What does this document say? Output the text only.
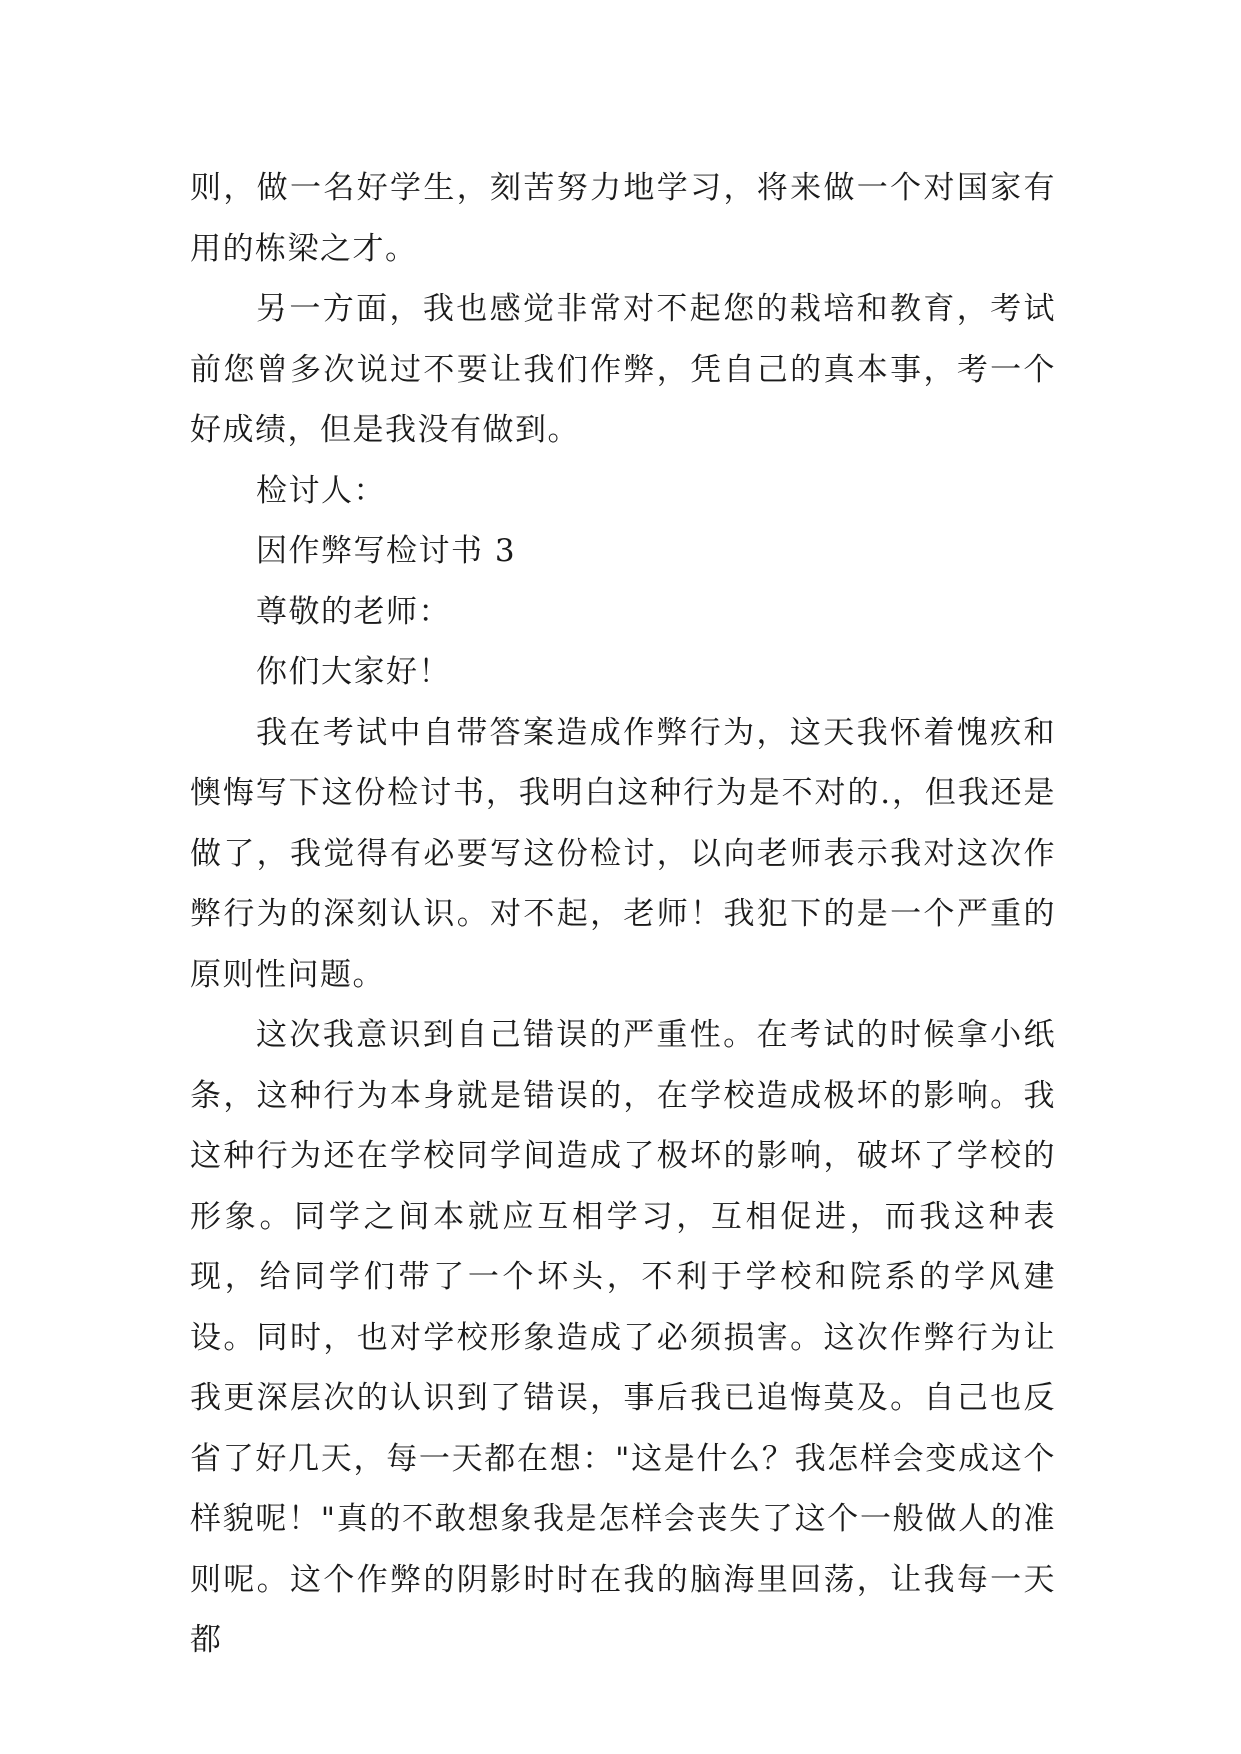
则，做一名好学生，刻苦努力地学习，将来做一个对国家有用的栋梁之才。

另一方面，我也感觉非常对不起您的栽培和教育，考试前您曾多次说过不要让我们作弊，凭自己的真本事，考一个好成绩，但是我没有做到。

检讨人：

因作弊写检讨书 3

尊敬的老师：

你们大家好！

我在考试中自带答案造成作弊行为，这天我怀着愧疚和懊悔写下这份检讨书，我明白这种行为是不对的.，但我还是做了，我觉得有必要写这份检讨，以向老师表示我对这次作弊行为的深刻认识。对不起，老师！我犯下的是一个严重的原则性问题。

这次我意识到自己错误的严重性。在考试的时候拿小纸条，这种行为本身就是错误的，在学校造成极坏的影响。我这种行为还在学校同学间造成了极坏的影响，破坏了学校的形象。同学之间本就应互相学习，互相促进，而我这种表现，给同学们带了一个坏头，不利于学校和院系的学风建设。同时，也对学校形象造成了必须损害。这次作弊行为让我更深层次的认识到了错误，事后我已追悔莫及。自己也反省了好几天，每一天都在想："这是什么？我怎样会变成这个样貌呢！"真的不敢想象我是怎样会丧失了这个一般做人的准则呢。这个作弊的阴影时时在我的脑海里回荡，让我每一天都
